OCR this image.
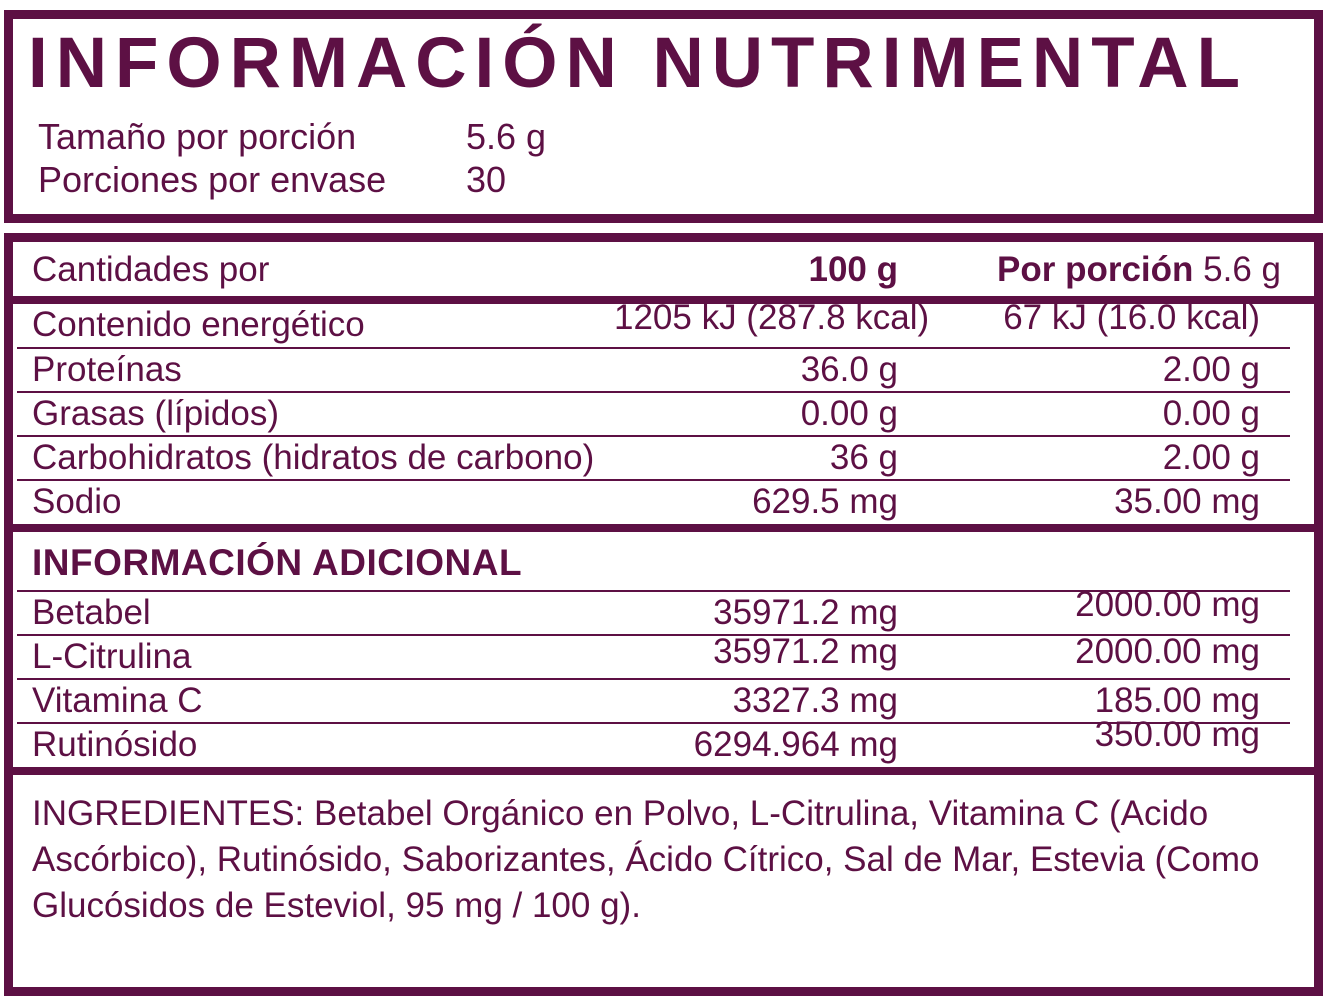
INFORMACIÓN NUTRIMENTAL
Tamaño por porción	5.6 g
Porciones por envase	30
Cantidades por	100 g	Por porción 5.6 g
Contenido energético	1205 kJ (287.8 kcal)	67 kJ (16.0 kcal)
Proteínas	36.0 g	2.00 g
Grasas (lípidos)	0.00 g	0.00 g
Carbohidratos (hidratos de carbono)	36 g	2.00 g
Sodio	629.5 mg	35.00 mg
INFORMACIÓN ADICIONAL
Betabel	35971.2 mg	2000.00 mg
L-Citrulina	35971.2 mg	2000.00 mg
Vitamina C	3327.3 mg	185.00 mg
Rutinósido	6294.964 mg	350.00 mg
INGREDIENTES: Betabel Orgánico en Polvo, L-Citrulina, Vitamina C (Acido Ascórbico), Rutinósido, Saborizantes, Ácido Cítrico, Sal de Mar, Estevia (Como Glucósidos de Esteviol, 95 mg / 100 g).
